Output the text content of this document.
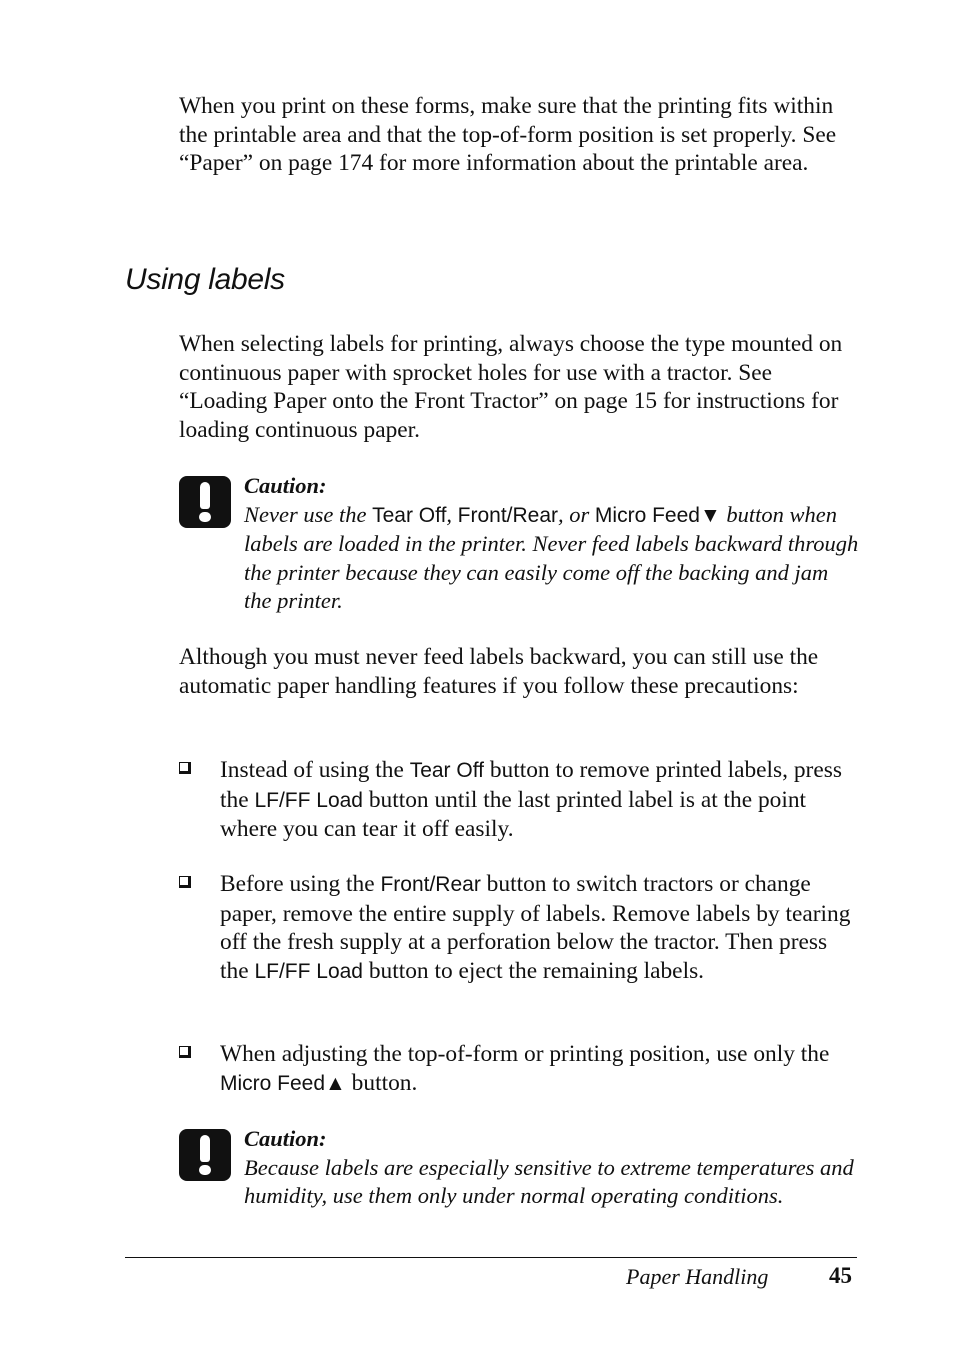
When you print on these forms, make sure that the printing fits within the printable area and that the top-of-form position is set properly. See “Paper” on page 174 for more information about the printable area.
Using labels
When selecting labels for printing, always choose the type mounted on continuous paper with sprocket holes for use with a tractor. See “Loading Paper onto the Front Tractor” on page 15 for instructions for loading continuous paper.
Caution:
Never use the Tear Off, Front/Rear, or Micro Feed▼ button when labels are loaded in the printer. Never feed labels backward through the printer because they can easily come off the backing and jam the printer.
Although you must never feed labels backward, you can still use the automatic paper handling features if you follow these precautions:
Instead of using the Tear Off button to remove printed labels, press the LF/FF Load button until the last printed label is at the point where you can tear it off easily.
Before using the Front/Rear button to switch tractors or change paper, remove the entire supply of labels. Remove labels by tearing off the fresh supply at a perforation below the tractor. Then press the LF/FF Load button to eject the remaining labels.
When adjusting the top-of-form or printing position, use only the Micro Feed▲ button.
Caution:
Because labels are especially sensitive to extreme temperatures and humidity, use them only under normal operating conditions.
Paper Handling	45
